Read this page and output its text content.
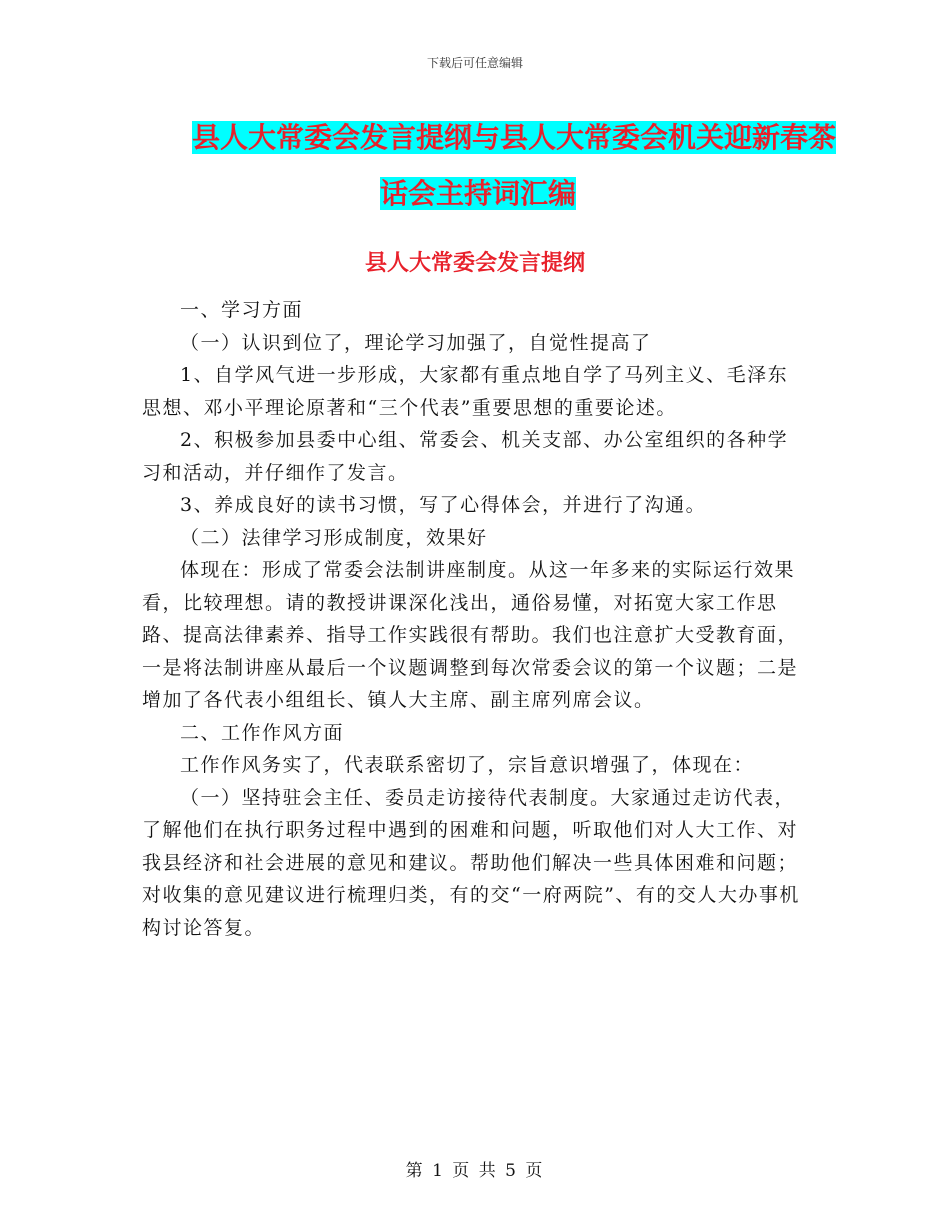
下载后可任意编辑
县人大常委会发言提纲与县人大常委会机关迎新春茶
话会主持词汇编
县人大常委会发言提纲

一、学习方面

（一）认识到位了，理论学习加强了，自觉性提高了

1、自学风气进一步形成，大家都有重点地自学了马列主义、毛泽东思想、邓小平理论原著和“三个代表”重要思想的重要论述。

2、积极参加县委中心组、常委会、机关支部、办公室组织的各种学习和活动，并仔细作了发言。

3、养成良好的读书习惯，写了心得体会，并进行了沟通。

（二）法律学习形成制度，效果好

体现在：形成了常委会法制讲座制度。从这一年多来的实际运行效果看，比较理想。请的教授讲课深化浅出，通俗易懂，对拓宽大家工作思路、提高法律素养、指导工作实践很有帮助。我们也注意扩大受教育面，一是将法制讲座从最后一个议题调整到每次常委会议的第一个议题；二是增加了各代表小组组长、镇人大主席、副主席列席会议。

二、工作作风方面

工作作风务实了，代表联系密切了，宗旨意识增强了，体现在：

（一）坚持驻会主任、委员走访接待代表制度。大家通过走访代表，了解他们在执行职务过程中遇到的困难和问题，听取他们对人大工作、对我县经济和社会进展的意见和建议。帮助他们解决一些具体困难和问题；对收集的意见建议进行梳理归类，有的交“一府两院”、有的交人大办事机构讨论答复。

第 1 页 共 5 页
